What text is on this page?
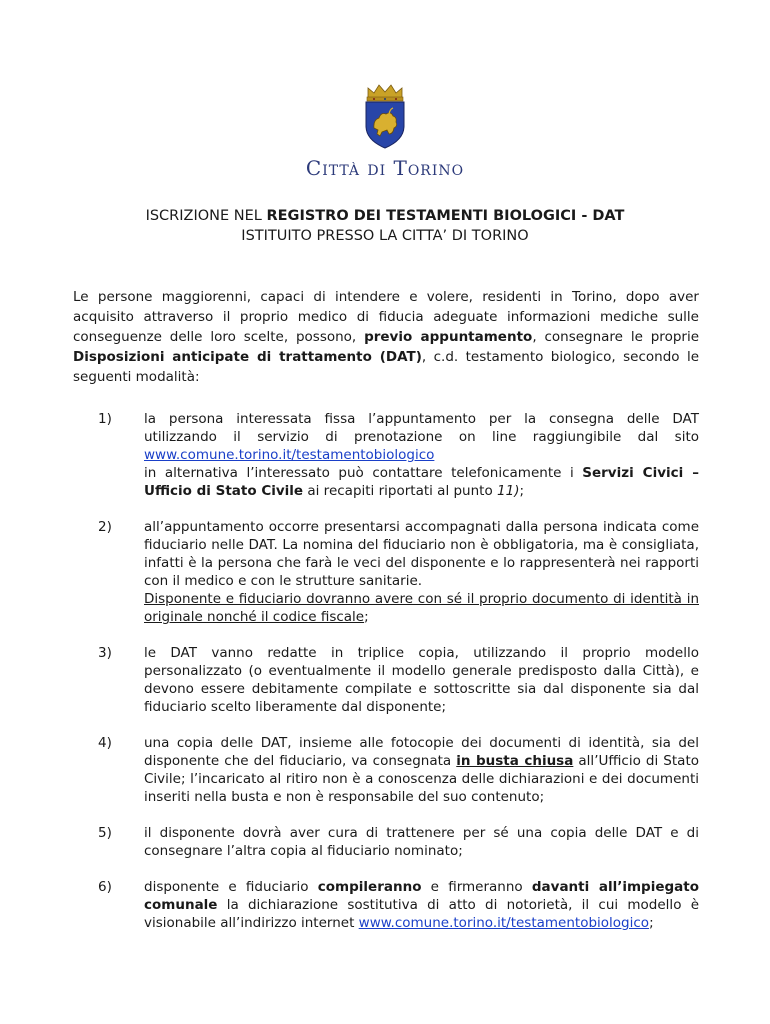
Città di Torino
ISCRIZIONE NEL REGISTRO DEI TESTAMENTI BIOLOGICI - DAT
ISTITUITO PRESSO LA CITTA’ DI TORINO

Le persone maggiorenni, capaci di intendere e volere, residenti in Torino, dopo aver acquisito attraverso il proprio medico di fiducia adeguate informazioni mediche sulle conseguenze delle loro scelte, possono, previo appuntamento, consegnare le proprie Disposizioni anticipate di trattamento (DAT), c.d. testamento biologico, secondo le seguenti modalità:

1) la persona interessata fissa l’appuntamento per la consegna delle DAT utilizzando il servizio di prenotazione on line raggiungibile dal sito www.comune.torino.it/testamentobiologico

in alternativa l’interessato può contattare telefonicamente i Servizi Civici – Ufficio di Stato Civile ai recapiti riportati al punto 11);

2) all’appuntamento occorre presentarsi accompagnati dalla persona indicata come fiduciario nelle DAT. La nomina del fiduciario non è obbligatoria, ma è consigliata, infatti è la persona che farà le veci del disponente e lo rappresenterà nei rapporti con il medico e con le strutture sanitarie.

Disponente e fiduciario dovranno avere con sé il proprio documento di identità in originale nonché il codice fiscale;

3) le DAT vanno redatte in triplice copia, utilizzando il proprio modello personalizzato (o eventualmente il modello generale predisposto dalla Città), e devono essere debitamente compilate e sottoscritte sia dal disponente sia dal fiduciario scelto liberamente dal disponente;

4) una copia delle DAT, insieme alle fotocopie dei documenti di identità, sia del disponente che del fiduciario, va consegnata in busta chiusa all’Ufficio di Stato Civile; l’incaricato al ritiro non è a conoscenza delle dichiarazioni e dei documenti inseriti nella busta e non è responsabile del suo contenuto;

5) il disponente dovrà aver cura di trattenere per sé una copia delle DAT e di consegnare l’altra copia al fiduciario nominato;

6) disponente e fiduciario compileranno e firmeranno davanti all’impiegato comunale la dichiarazione sostitutiva di atto di notorietà, il cui modello è visionabile all’indirizzo internet www.comune.torino.it/testamentobiologico;
